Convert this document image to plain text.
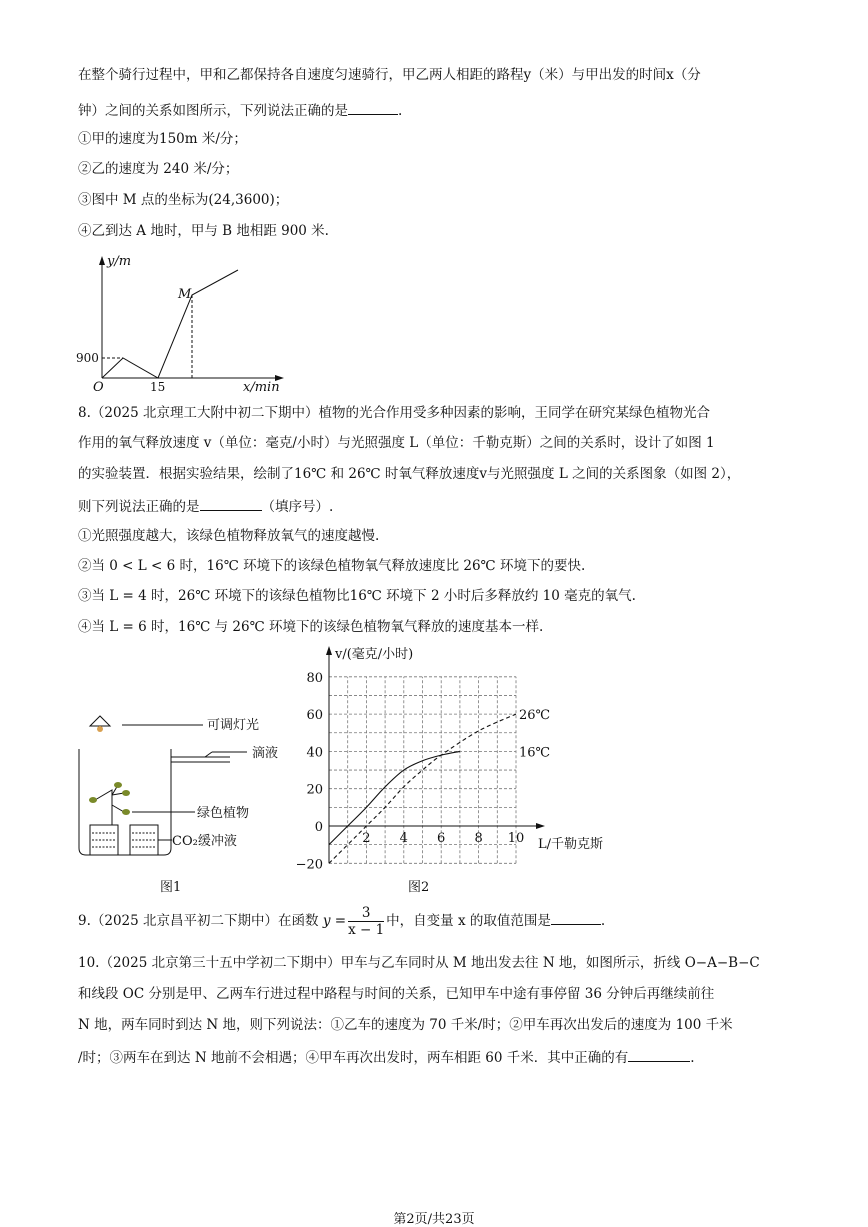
在整个骑行过程中，甲和乙都保持各自速度匀速骑行，甲乙两人相距的路程y（米）与甲出发的时间x（分
钟）之间的关系如图所示，下列说法正确的是	.
①甲的速度为150m 米/分；
②乙的速度为 240 米/分；
③图中 M 点的坐标为(24,3600)；
④乙到达 A 地时，甲与 B 地相距 900 米.
y/m
x/min
O
900
15
M
8.（2025 北京理工大附中初二下期中）植物的光合作用受多种因素的影响，王同学在研究某绿色植物光合
作用的氧气释放速度 v（单位：毫克/小时）与光照强度 L（单位：千勒克斯）之间的关系时，设计了如图 1
的实验装置．根据实验结果，绘制了16℃ 和 26℃ 时氧气释放速度v与光照强度 L 之间的关系图象（如图 2），
则下列说法正确的是	（填序号）.
①光照强度越大，该绿色植物释放氧气的速度越慢.
②当 0 < L < 6 时，16℃ 环境下的该绿色植物氧气释放速度比 26℃ 环境下的要快.
③当 L = 4 时，26℃ 环境下的该绿色植物比16℃ 环境下 2 小时后多释放约 10 毫克的氧气.
④当 L = 6 时，16℃ 与 26℃ 环境下的该绿色植物氧气释放的速度基本一样.
可调灯光
滴液
绿色植物
CO₂缓冲液
图1	图2
80
60
40
20
0
−20
2 4 6 8 10
v/(毫克/小时)
L/千勒克斯
16℃
26℃
9.（2025 北京昌平初二下期中）在函数 $y = \frac{3}{x - 1}$ 中，自变量 x 的取值范围是	.
10.（2025 北京第三十五中学初二下期中）甲车与乙车同时从 M 地出发去往 N 地，如图所示，折线 O−A−B−C
和线段 OC 分别是甲、乙两车行进过程中路程与时间的关系，已知甲车中途有事停留 36 分钟后再继续前往
N 地，两车同时到达 N 地，则下列说法：①乙车的速度为 70 千米/时；②甲车再次出发后的速度为 100 千米
/时；③两车在到达 N 地前不会相遇；④甲车再次出发时，两车相距 60 千米．其中正确的有	.
第2页/共23页
